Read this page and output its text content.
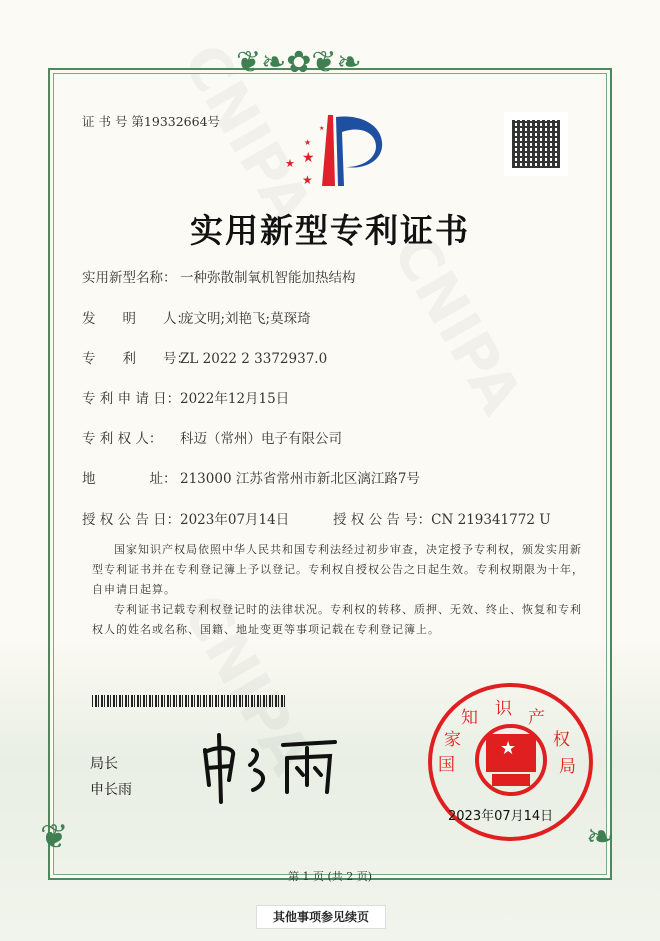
❦❧✿❦❧
❦	❧
证 书 号 第19332664号
★
★
★
★
★
实用新型专利证书
实用新型名称： 一种弥散制氧机智能加热结构
发　　明　　人：庞文明;刘艳飞;莫琛琦
专　　利　　号：ZL 2022 2 3372937.0
专 利 申 请 日：2022年12月15日
专 利 权 人： 科迈（常州）电子有限公司
地　　　　址： 213000 江苏省常州市新北区漓江路7号
授 权 公 告 日：2023年07月14日	授 权 公 告 号：CN 219341772 U

国家知识产权局依照中华人民共和国专利法经过初步审查，决定授予专利权，颁发实用新型专利证书并在专利登记簿上予以登记。专利权自授权公告之日起生效。专利权期限为十年，自申请日起算。

专利证书记载专利权登记时的法律状况。专利权的转移、质押、无效、终止、恢复和专利权人的姓名或名称、国籍、地址变更等事项记载在专利登记簿上。

局长
申长雨
国
家
知 识 产
权
局
★
2023年07月14日
第 1 页 (共 2 页)
其他事项参见续页
